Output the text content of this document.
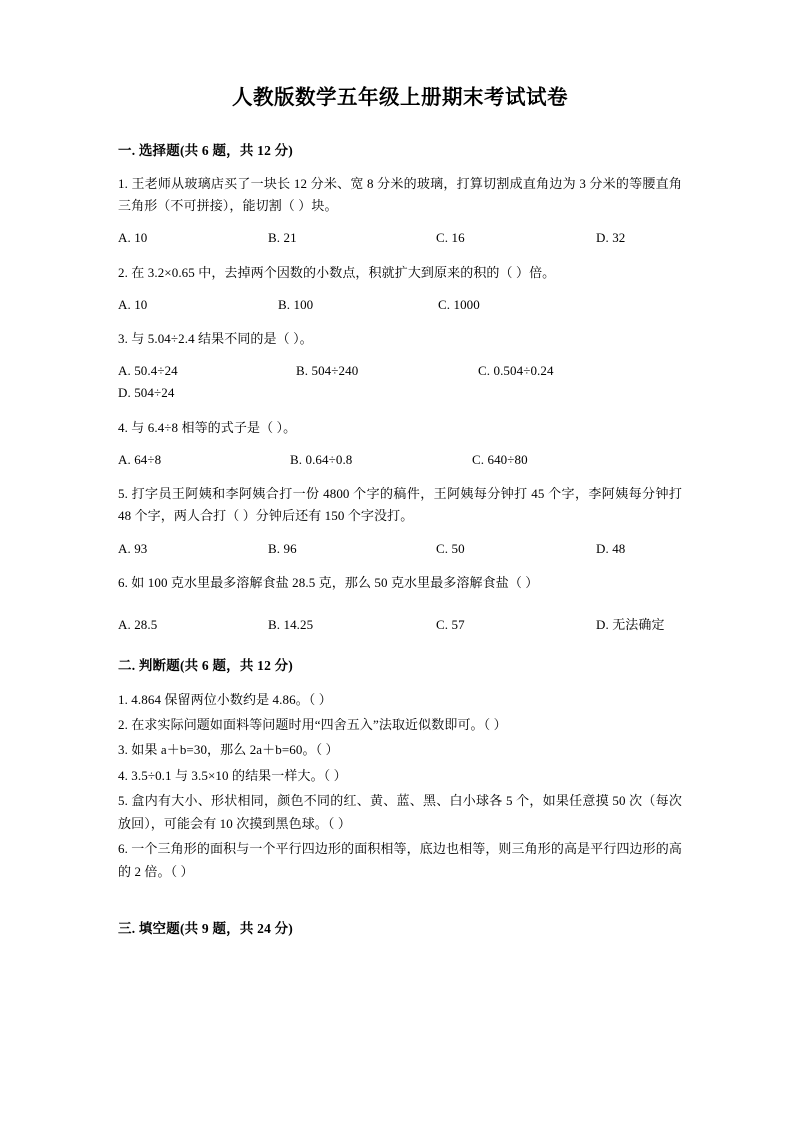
人教版数学五年级上册期末考试试卷
一. 选择题(共 6 题，共 12 分)

1. 王老师从玻璃店买了一块长 12 分米、宽 8 分米的玻璃，打算切割成直角边为 3 分米的等腰直角三角形（不可拼接），能切割（ ）块。

A. 10	B. 21	C. 16	D. 32

2. 在 3.2×0.65 中，去掉两个因数的小数点，积就扩大到原来的积的（ ）倍。

A. 10	B. 100	C. 1000

3. 与 5.04÷2.4 结果不同的是（ ）。

A. 50.4÷24	B. 504÷240	C. 0.504÷0.24D. 504÷24

4. 与 6.4÷8 相等的式子是（ ）。

A. 64÷8	B. 0.64÷0.8	C. 640÷80

5. 打字员王阿姨和李阿姨合打一份 4800 个字的稿件，王阿姨每分钟打 45 个字，李阿姨每分钟打 48 个字，两人合打（ ）分钟后还有 150 个字没打。

A. 93	B. 96	C. 50	D. 48

6. 如 100 克水里最多溶解食盐 28.5 克，那么 50 克水里最多溶解食盐（ ）

A. 28.5	B. 14.25	C. 57	D. 无法确定
二. 判断题(共 6 题，共 12 分)

1. 4.864 保留两位小数约是 4.86。（ ）

2. 在求实际问题如面料等问题时用“四舍五入”法取近似数即可。（ ）

3. 如果 a＋b=30，那么 2a＋b=60。（ ）

4. 3.5÷0.1 与 3.5×10 的结果一样大。（ ）

5. 盒内有大小、形状相同，颜色不同的红、黄、蓝、黑、白小球各 5 个，如果任意摸 50 次（每次放回），可能会有 10 次摸到黑色球。（ ）

6. 一个三角形的面积与一个平行四边形的面积相等，底边也相等，则三角形的高是平行四边形的高的 2 倍。（ ）

三. 填空题(共 9 题，共 24 分)
